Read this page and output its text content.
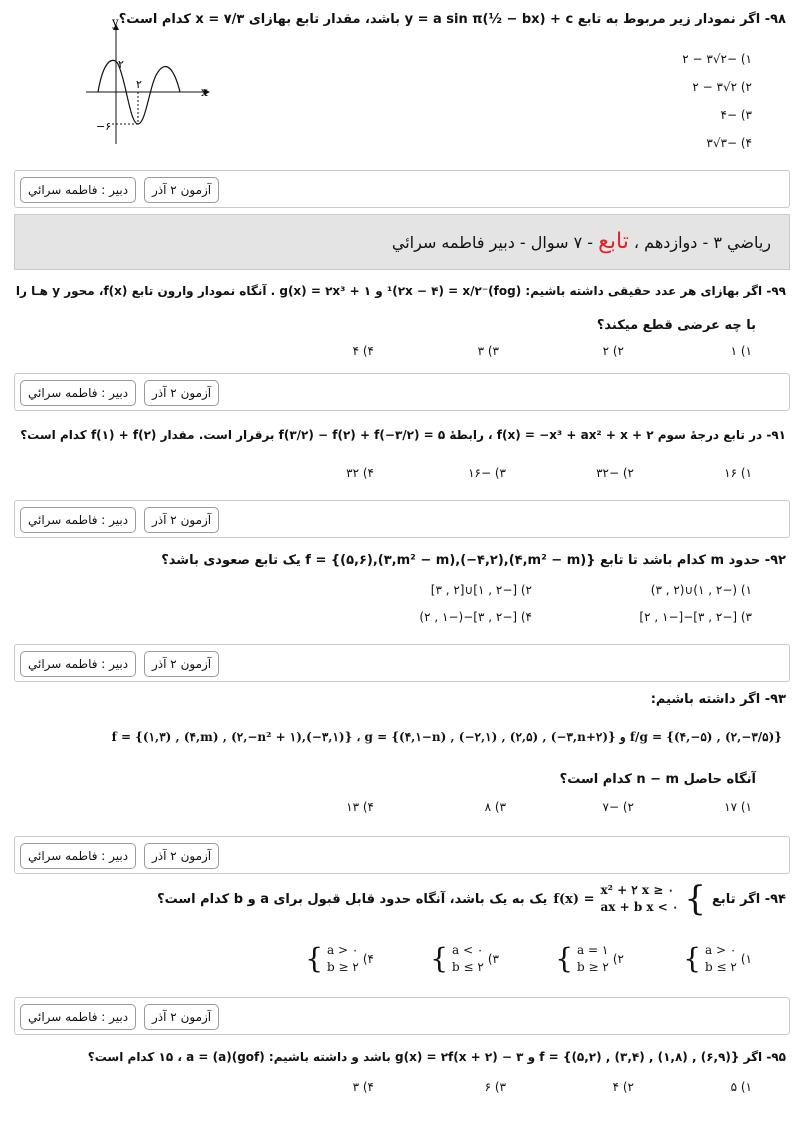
۹۸- اگر نمودار زیر مربوط به تابع y = a sin π(½ − bx) + c باشد، مقدار تابع بهازای x = ۷/۳ کدام است؟
y
x
۲
۲
−۶
۱) −۲√۳ − ۲
۲) ۲√۳ − ۲
۳) −۴
۴) −۳√۳
دبیر : فاطمه سرائي	آزمون ۲ آذر
رياضي ۳ - دوازدهم ، تابع - ۷ سوال - دبیر فاطمه سرائي
۹۹- اگر بهازای هر عدد حقیقی داشته باشیم: (fog)⁻¹(۲x − ۴) = x/۲ و g(x) = ۲x³ + ۱ . آنگاه نمودار وارون تابع f(x)، محور y هـا را
با چه عرضی قطع میکند؟
۱) ۱
۲) ۲
۳) ۳
۴) ۴
دبیر : فاطمه سرائي	آزمون ۲ آذر
۹۱- در تابع درجهٔ سوم f(x) = −x³ + ax² + x + ۲ ، رابطهٔ f(۳/۲) − f(۲) + f(−۳/۲) = ۵ برقرار است. مقدار f(۱) + f(۲) کدام است؟
۱) ۱۶
۲) −۳۲
۳) −۱۶
۴) ۳۲
دبیر : فاطمه سرائي	آزمون ۲ آذر
۹۲- حدود m کدام باشد تا تابع f = {(۵,۶),(۳,m² − m),(−۴,۲),(۴,m² − m)} یک تابع صعودی باشد؟
۱) (−۲ , ۱)∪(۲ , ۳)
۲) [−۲ , ۱]∪[۲ , ۳]
۳) [−۲ , ۳]−[−۱ , ۲]
۴) [−۲ , ۳]−(−۱ , ۲)
دبیر : فاطمه سرائي	آزمون ۲ آذر
۹۳- اگر داشته باشیم:
f = {(۱,۳) , (۴,m) , (۲,−n² + ۱),(−۳,۱)} ، g = {(۴,۱−n) , (−۲,۱) , (۲,۵) , (−۳,n+۲)} و f/g = {(۴,−۵) , (۲,−۳/۵)}
آنگاه حاصل n − m کدام است؟
۱) ۱۷
۲) −۷
۳) ۸
۴) ۱۳
دبیر : فاطمه سرائي	آزمون ۲ آذر
۹۴- اگر تابع
{
x² + ۲ x ≥ ۰
ax + b x < ۰
f(x) =
یک به یک باشد، آنگاه حدود قابل قبول برای a و b کدام است؟
{ a > ۰
b ≤ ۲
۱)
{ a = ۱
b ≥ ۲
۲)
{ a < ۰
b ≤ ۲
۳)
{ a > ۰
b ≥ ۲
۴)
دبیر : فاطمه سرائي	آزمون ۲ آذر
۹۵- اگر f = {(۵,۲) , (۳,۴) , (۱,۸) , (۶,۹)} و g(x) = ۲f(x + ۲) − ۳ باشد و داشته باشیم: (gof)(a) = ۱۵ ، a کدام است؟
۱) ۵
۲) ۴
۳) ۶
۴) ۳
